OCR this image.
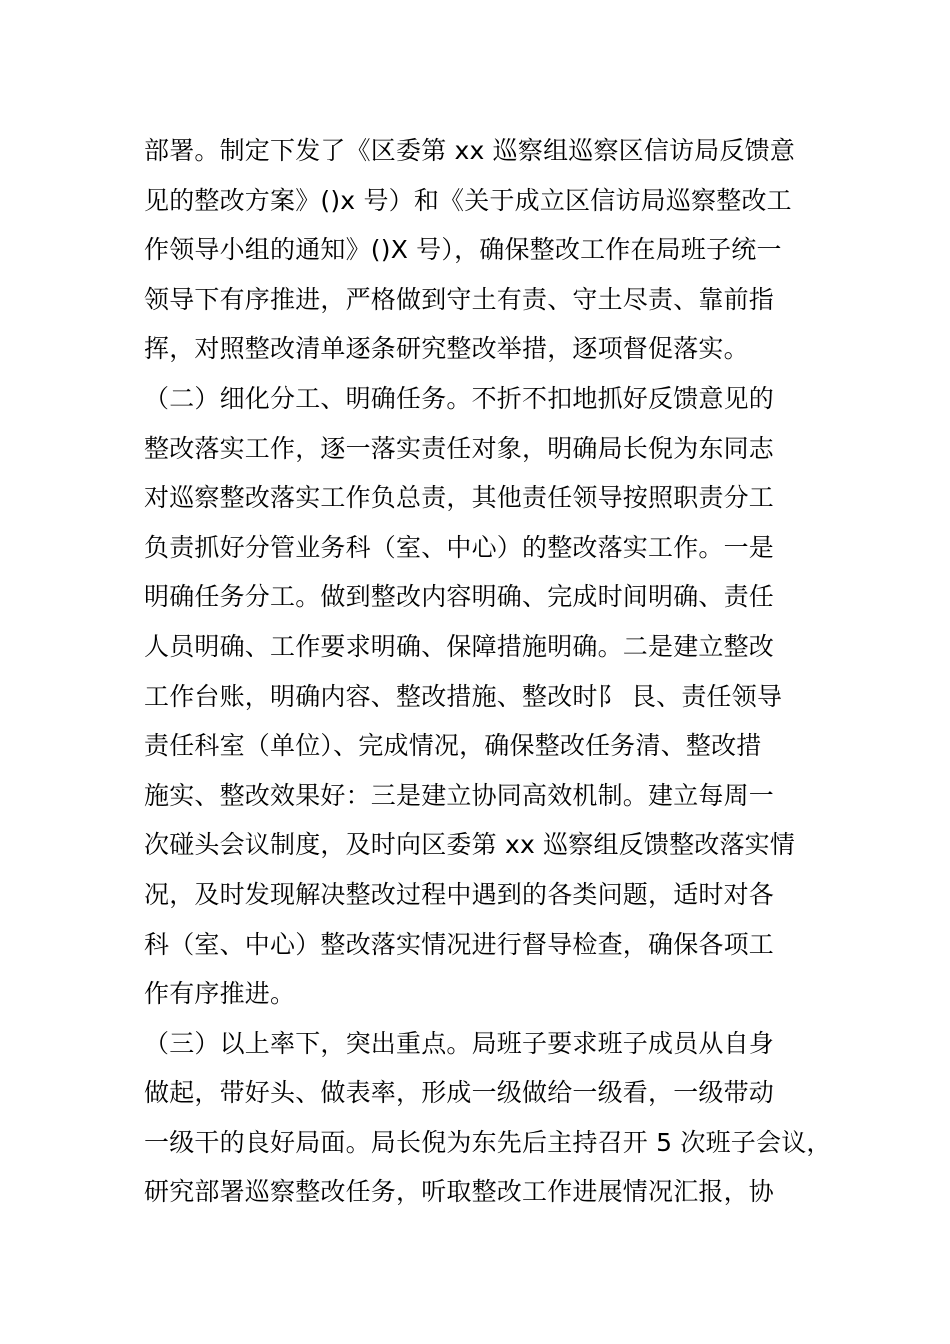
部署。制定下发了《区委第 xx 巡察组巡察区信访局反馈意
见的整改方案》()x 号）和《关于成立区信访局巡察整改工
作领导小组的通知》()X 号），确保整改工作在局班子统一
领导下有序推进，严格做到守土有责、守土尽责、靠前指
挥，对照整改清单逐条研究整改举措，逐项督促落实。
（二）细化分工、明确任务。不折不扣地抓好反馈意见的
整改落实工作，逐一落实责任对象，明确局长倪为东同志
对巡察整改落实工作负总责，其他责任领导按照职责分工
负责抓好分管业务科（室、中心）的整改落实工作。一是
明确任务分工。做到整改内容明确、完成时间明确、责任
人员明确、工作要求明确、保障措施明确。二是建立整改
工作台账，明确内容、整改措施、整改时阝 艮、责任领导
责任科室（单位）、完成情况，确保整改任务清、整改措
施实、整改效果好：三是建立协同高效机制。建立每周一
次碰头会议制度，及时向区委第 xx 巡察组反馈整改落实情
况，及时发现解决整改过程中遇到的各类问题，适时对各
科（室、中心）整改落实情况进行督导检查，确保各项工
作有序推进。
（三）以上率下，突出重点。局班子要求班子成员从自身
做起，带好头、做表率，形成一级做给一级看，一级带动
一级干的良好局面。局长倪为东先后主持召开 5 次班子会议，
研究部署巡察整改任务，听取整改工作进展情况汇报，协
